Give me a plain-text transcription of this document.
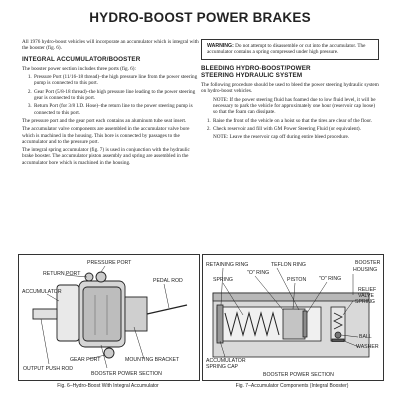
HYDRO-BOOST POWER BRAKES

All 1976 hydro-boost vehicles will incorporate an accumulator which is integral with the booster (fig. 6).

INTEGRAL ACCUMULATOR/BOOSTER

The booster power section includes three ports (fig. 6):

1. Pressure Port (11/16-18 thread)–the high pressure line from the power steering pump is connected to this port.
2. Gear Port (5/8-18 thread)–the high pressure line leading to the power steering gear is connected to this port.
3. Return Port (for 3/8 I.D. Hose)–the return line to the power steering pump is connected to this port.

The pressure port and the gear port each contains an aluminum tube seat insert.

The accumulator valve components are assembled in the accumulator valve bore which is machined in the housing. This bore is connected by passages to the accumulator and to the pressure port.

The integral spring accumulator (fig. 7) is used in conjunction with the hydraulic brake booster. The accumulator piston assembly and spring are assembled in the accumulator bore which is machined in the housing.

WARNING: Do not attempt to disassemble or cut into the accumulator. The accumulator contains a spring compressed under high pressure.
BLEEDING HYDRO-BOOST/POWER
STEERING HYDRAULIC SYSTEM

The following procedure should be used to bleed the power steering hydraulic system on hydro-boost vehicles.

NOTE: If the power steering fluid has foamed due to low fluid level, it will be necessary to park the vehicle for approximately one hour (reservoir cap loose) so that the foam can dissipate.

1. Raise the front of the vehicle on a hoist so that the tires are clear of the floor.
2. Check reservoir and fill with GM Power Steering Fluid (or equivalent).

NOTE: Leave the reservoir cap off during entire bleed procedure.

PRESSURE PORT
RETURN PORT
PEDAL ROD
ACCUMULATOR
GEAR PORT	MOUNTING BRACKET
OUTPUT PUSH ROD
BOOSTER POWER SECTION
Fig. 6–Hydro-Boost With Integral Accumulator
RETAINING RING
"O" RING
TEFLON RING	BOOSTER
HOUSING
SPRING	PISTON "O" RING
RELIEF
VALVE
SPRING
BALL
WASHER
ACCUMULATOR
SPRING CAP
BOOSTER POWER SECTION
Fig. 7–Accumulator Components (Integral Booster)
